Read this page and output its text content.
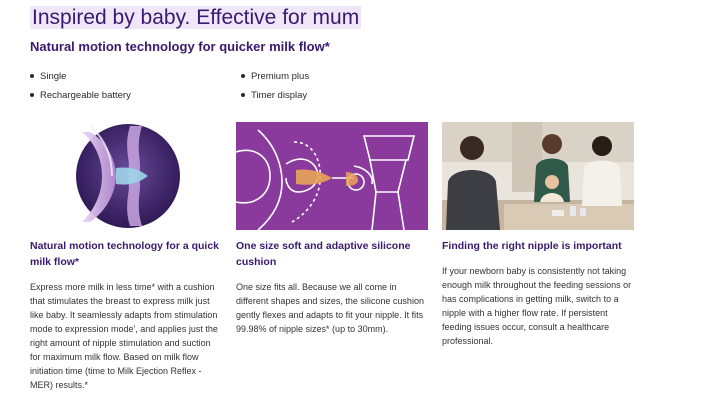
Inspired by baby. Effective for mum
Natural motion technology for quicker milk flow*
Single
Rechargeable battery
Premium plus
Timer display
Natural motion technology for a quick milk flow*

Express more milk in less time* with a cushion that stimulates the breast to express milk just like baby. It seamlessly adapts from stimulation mode to expression mode', and applies just the right amount of nipple stimulation and suction for maximum milk flow. Based on milk flow initiation time (time to Milk Ejection Reflex - MER) results.*

One size soft and adaptive silicone cushion

One size fits all. Because we all come in different shapes and sizes, the silicone cushion gently flexes and adapts to fit your nipple. It fits 99.98% of nipple sizes* (up to 30mm).

Finding the right nipple is important

If your newborn baby is consistently not taking enough milk throughout the feeding sessions or has complications in getting milk, switch to a nipple with a higher flow rate. If persistent feeding issues occur, consult a healthcare professional.
